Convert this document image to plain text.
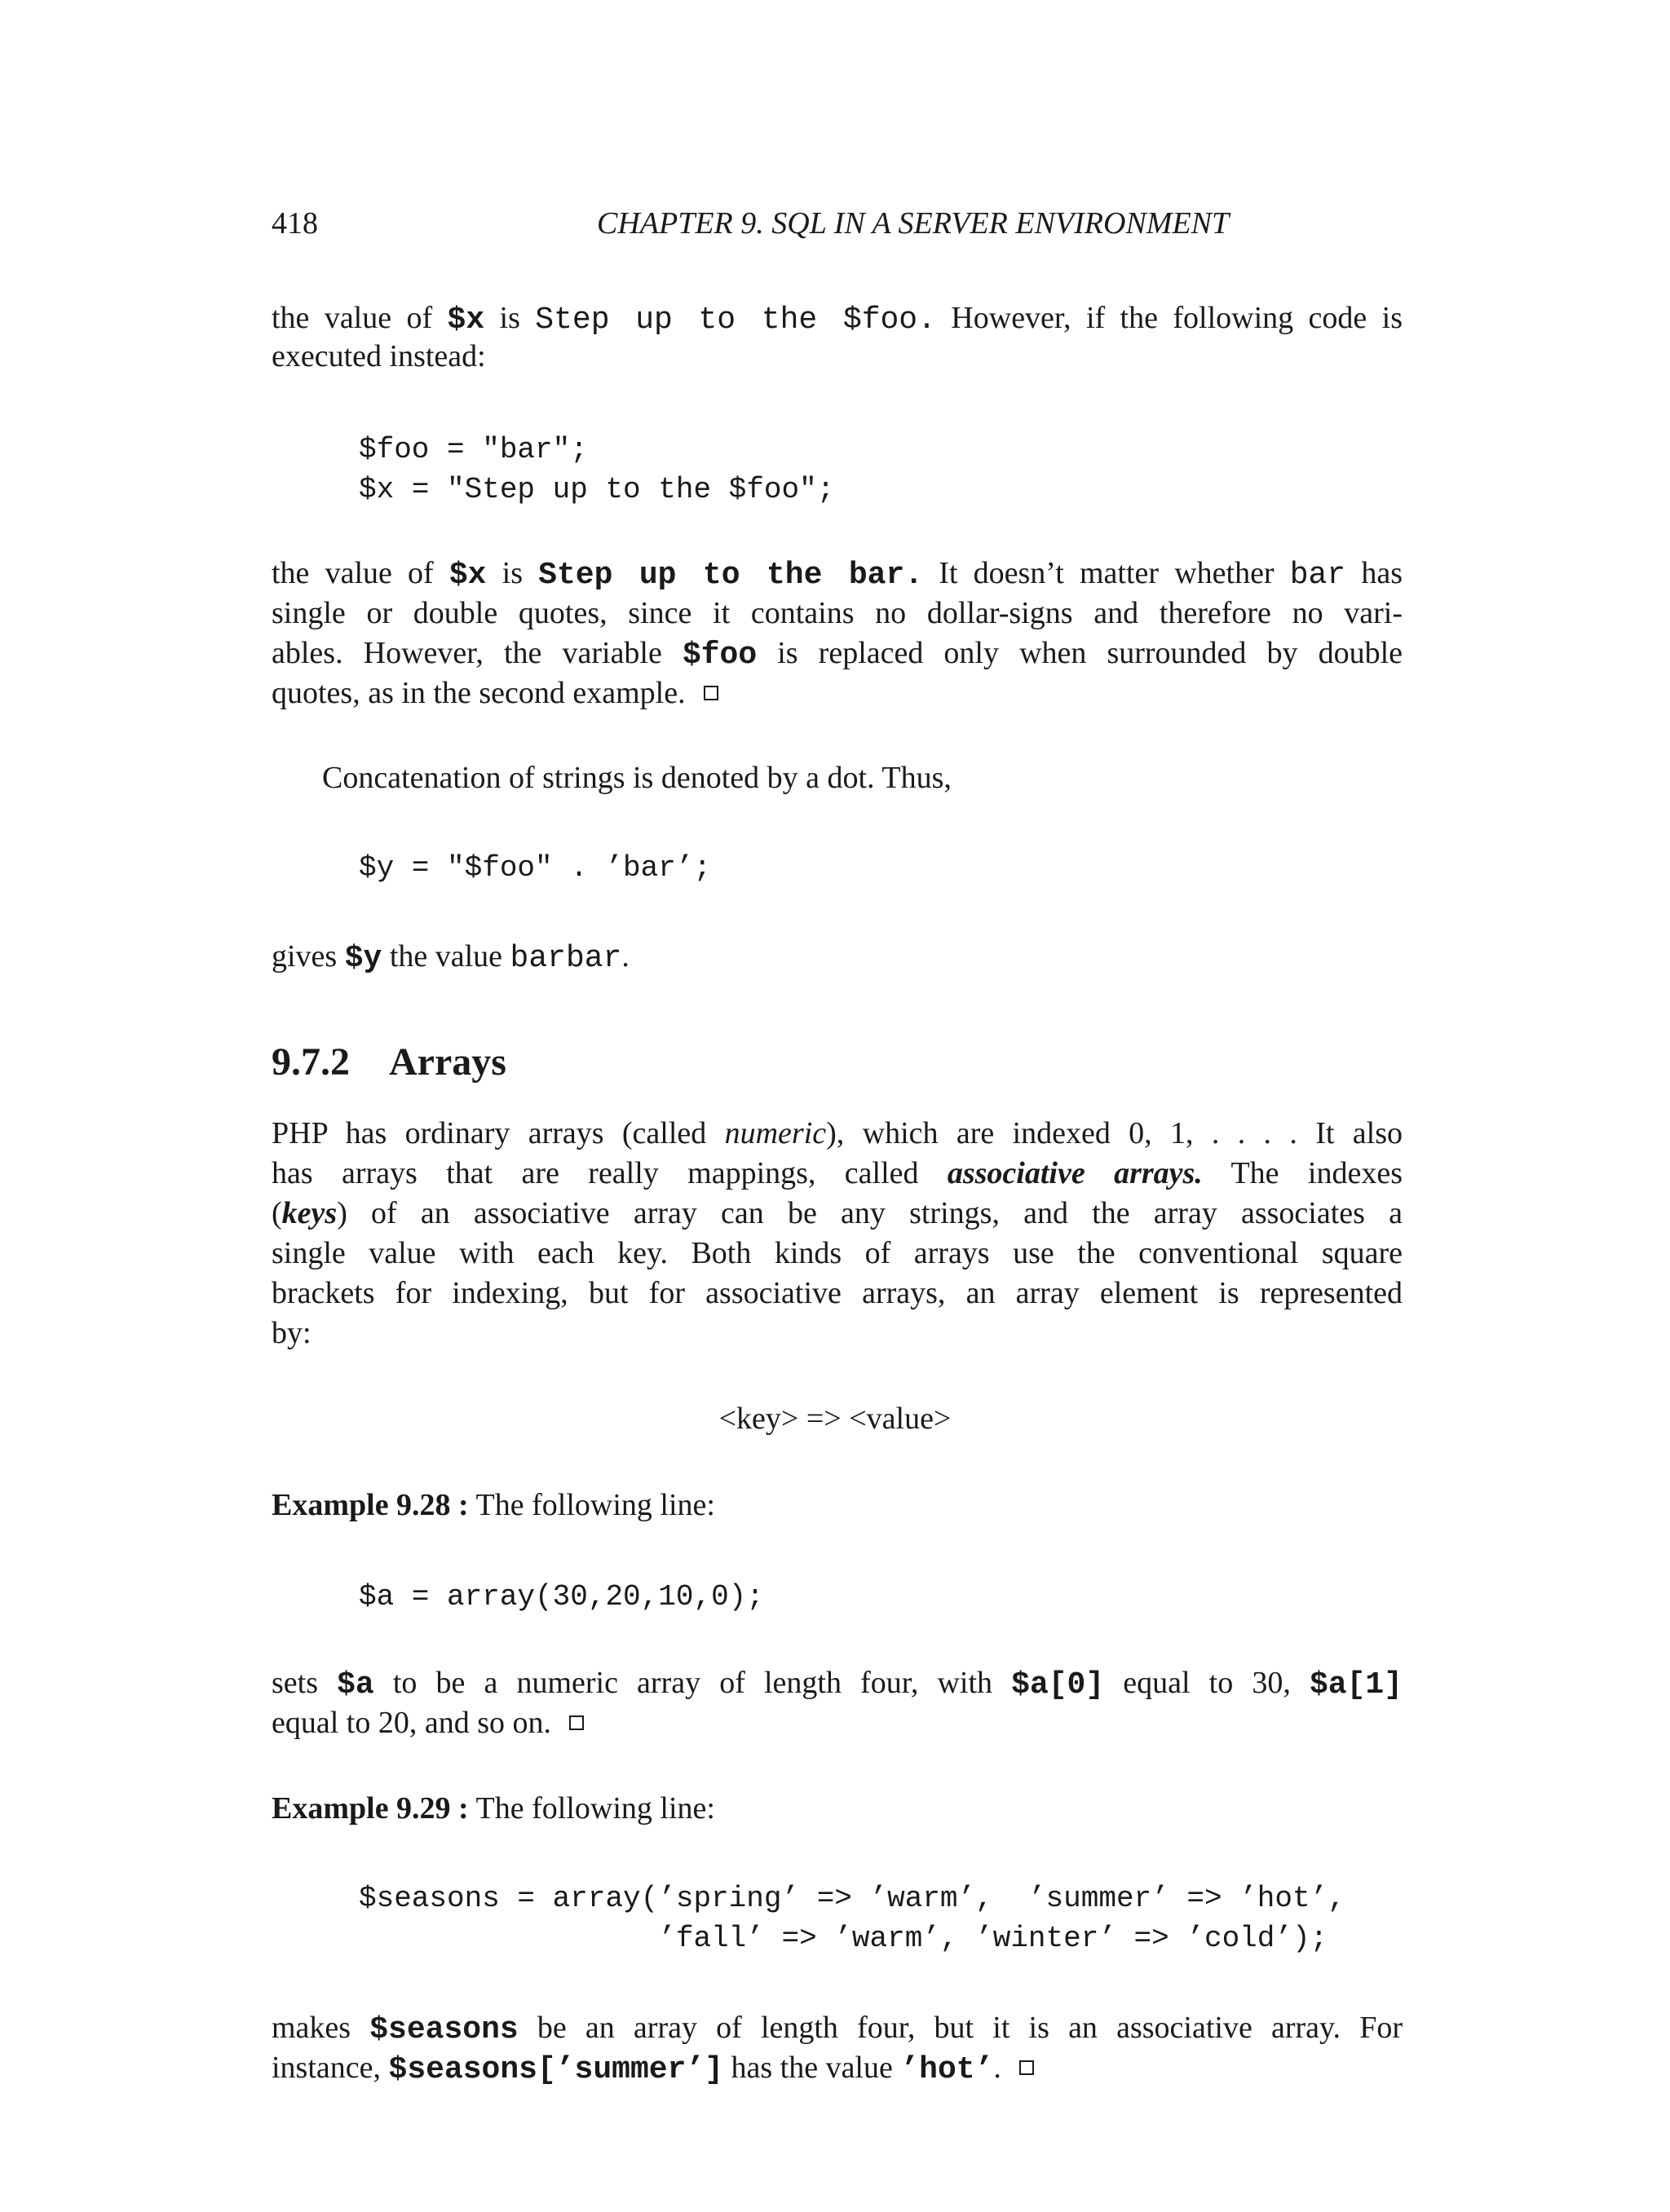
418	CHAPTER 9. SQL IN A SERVER ENVIRONMENT
the value of $x is Step up to the $foo. However, if the following code is
executed instead:
$foo = "bar";
$x = "Step up to the $foo";
the value of $x is Step up to the bar. It doesn’t matter whether bar has
single or double quotes, since it contains no dollar-signs and therefore no vari-
ables. However, the variable $foo is replaced only when surrounded by double
quotes, as in the second example.
Concatenation of strings is denoted by a dot. Thus,
$y = "$foo" . ’bar’;
gives $y the value barbar.
9.7.2 Arrays
PHP has ordinary arrays (called numeric), which are indexed 0, 1, . . . . It also
has arrays that are really mappings, called associative arrays. The indexes
(keys) of an associative array can be any strings, and the array associates a
single value with each key. Both kinds of arrays use the conventional square
brackets for indexing, but for associative arrays, an array element is represented
by:
<key> => <value>
Example 9.28 : The following line:
$a = array(30,20,10,0);
sets $a to be a numeric array of length four, with $a[0] equal to 30, $a[1]
equal to 20, and so on.
Example 9.29 : The following line:
$seasons = array(’spring’ => ’warm’,  ’summer’ => ’hot’,
’fall’ => ’warm’, ’winter’ => ’cold’);
makes $seasons be an array of length four, but it is an associative array. For
instance, $seasons[’summer’] has the value ’hot’.
